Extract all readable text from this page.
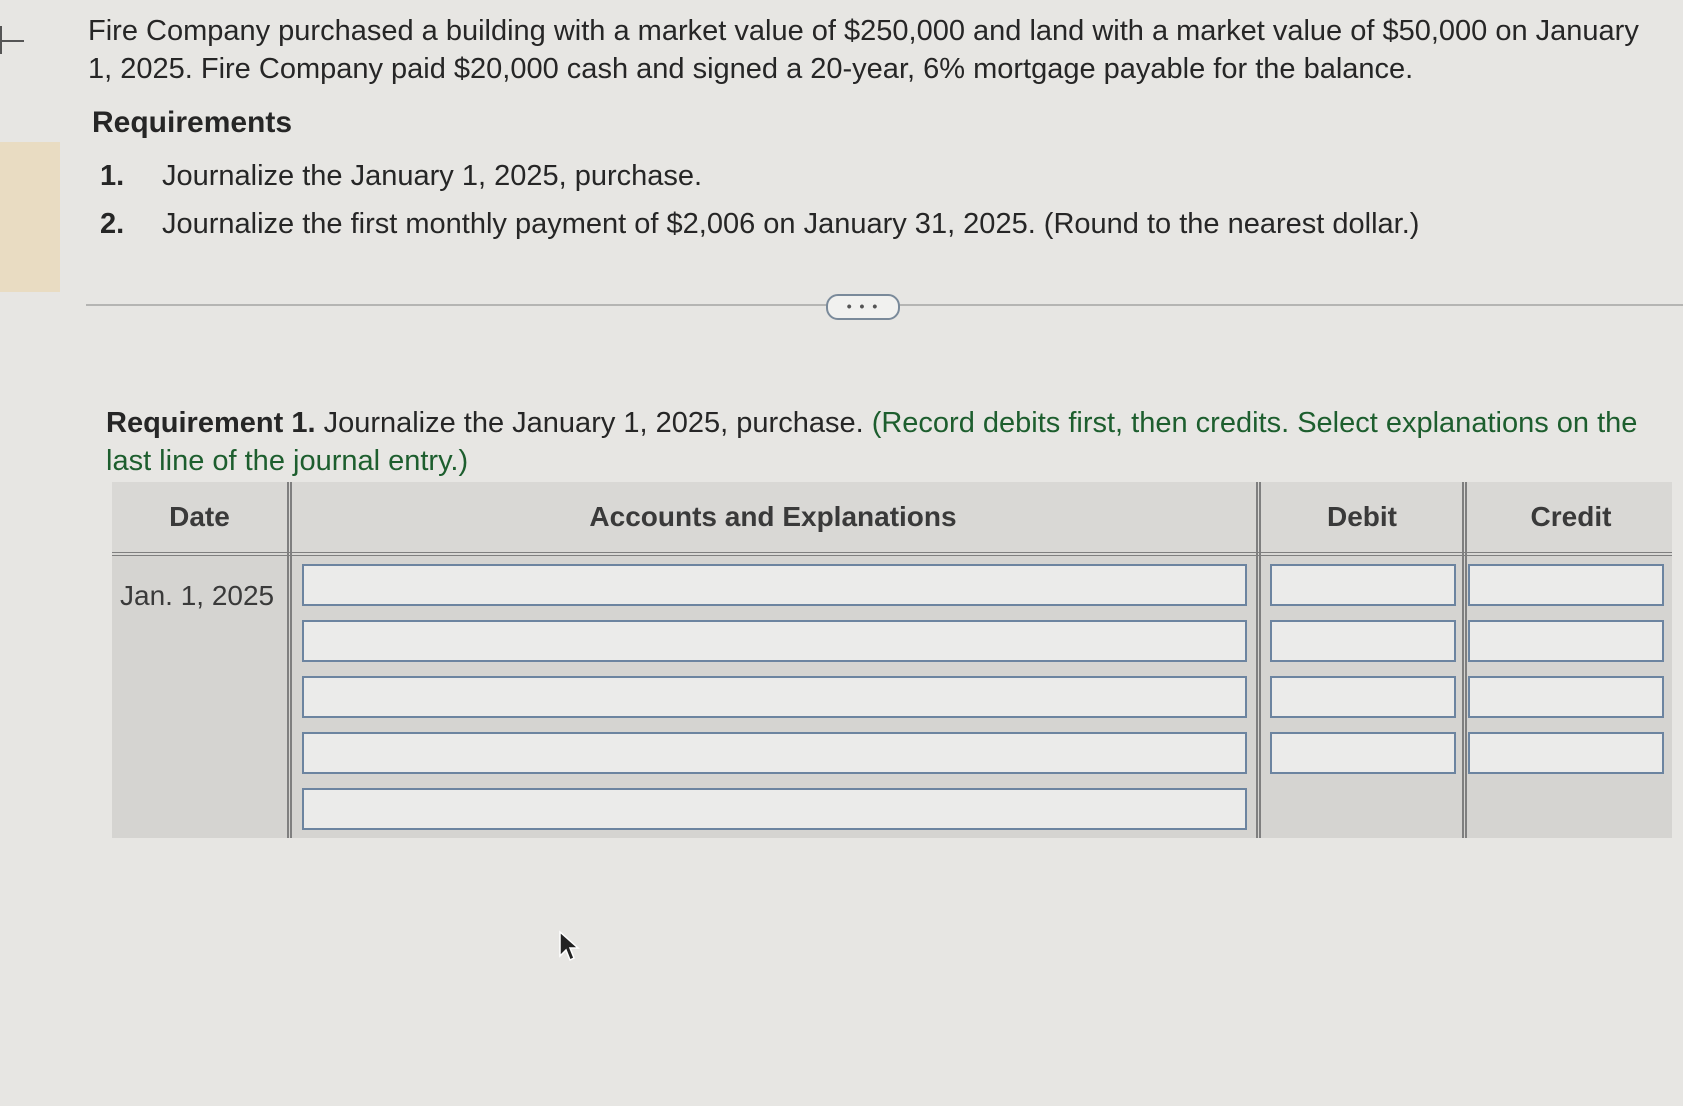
Fire Company purchased a building with a market value of $250,000 and land with a market value of $50,000 on January 1, 2025. Fire Company paid $20,000 cash and signed a 20-year, 6% mortgage payable for the balance.
Requirements
1.	Journalize the January 1, 2025, purchase.
2.	Journalize the first monthly payment of $2,006 on January 31, 2025. (Round to the nearest dollar.)
• • •
Requirement 1. Journalize the January 1, 2025, purchase. (Record debits first, then credits. Select explanations on the last line of the journal entry.)
Date	Accounts and Explanations	Debit	Credit
Jan. 1, 2025
